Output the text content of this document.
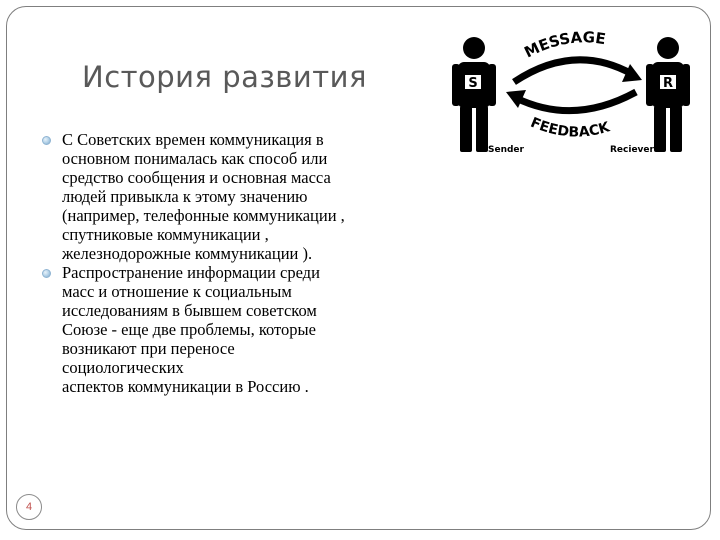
История развития
С Советских времен коммуникация в
основном понималась как способ или
средство сообщения и основная масса
людей привыкла к этому значению
(например, телефонные коммуникации ,
спутниковые коммуникации ,
железнодорожные коммуникации ).
Распространение информации среди
масс и отношение к социальным
исследованиям в бывшем советском
Союзе - еще две проблемы, которые
возникают при переносе
социологических
аспектов коммуникации в Россию .
S	R
MESSAGE
FEEDBACK
Sender	Reciever
4
